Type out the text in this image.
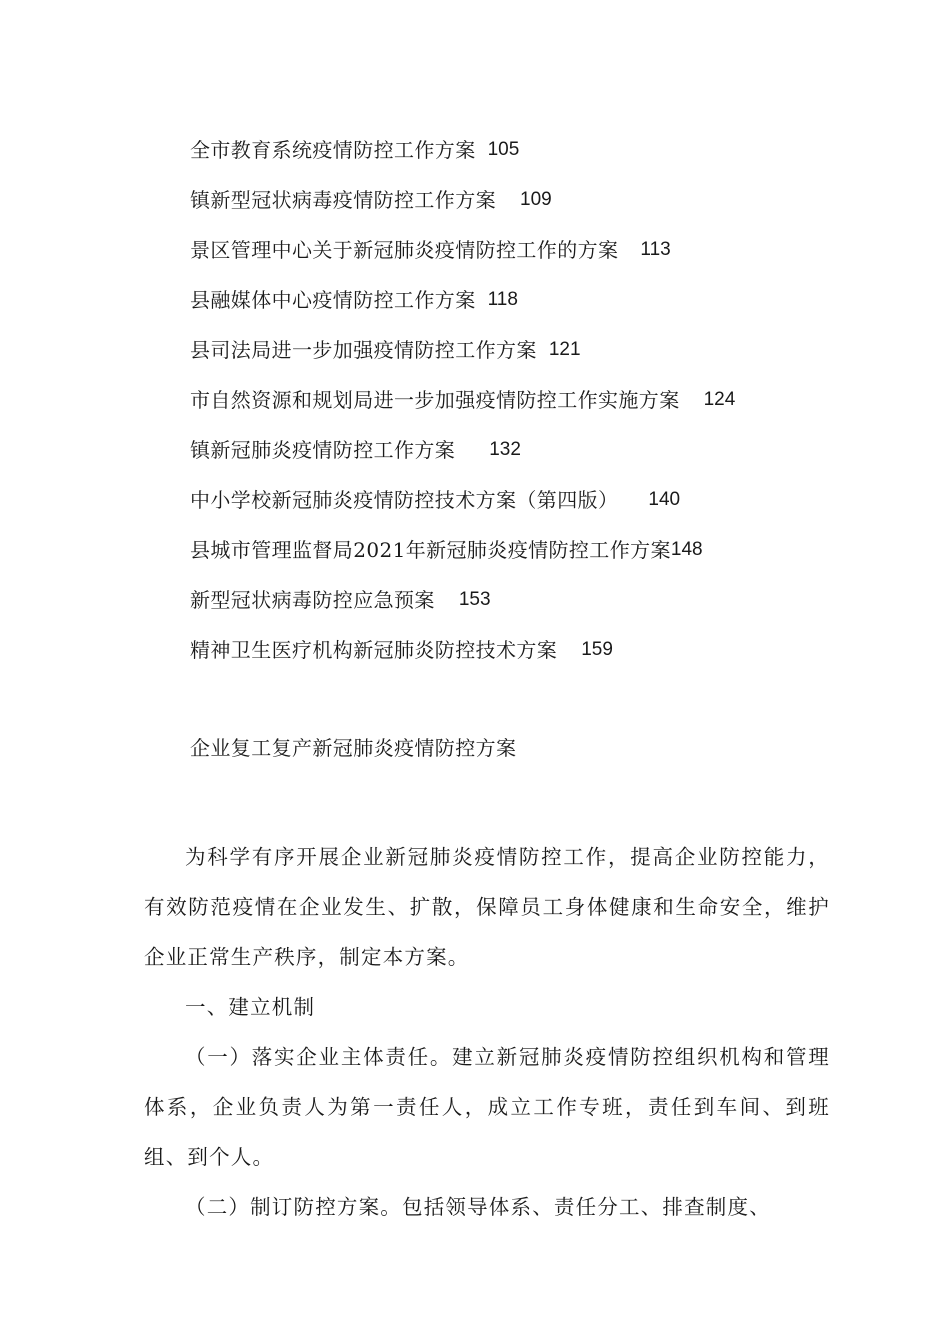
全市教育系统疫情防控工作方案 105
镇新型冠状病毒疫情防控工作方案 109
景区管理中心关于新冠肺炎疫情防控工作的方案 113
县融媒体中心疫情防控工作方案 118
县司法局进一步加强疫情防控工作方案 121
市自然资源和规划局进一步加强疫情防控工作实施方案 124
镇新冠肺炎疫情防控工作方案 132
中小学校新冠肺炎疫情防控技术方案（第四版） 140
县城市管理监督局2021年新冠肺炎疫情防控工作方案 148
新型冠状病毒防控应急预案 153
精神卫生医疗机构新冠肺炎防控技术方案 159
企业复工复产新冠肺炎疫情防控方案

为科学有序开展企业新冠肺炎疫情防控工作，提高企业防控能力，有效防范疫情在企业发生、扩散，保障员工身体健康和生命安全，维护企业正常生产秩序，制定本方案。

一、建立机制

（一）落实企业主体责任。建立新冠肺炎疫情防控组织机构和管理体系，企业负责人为第一责任人，成立工作专班，责任到车间、到班组、到个人。

（二）制订防控方案。包括领导体系、责任分工、排查制度、
